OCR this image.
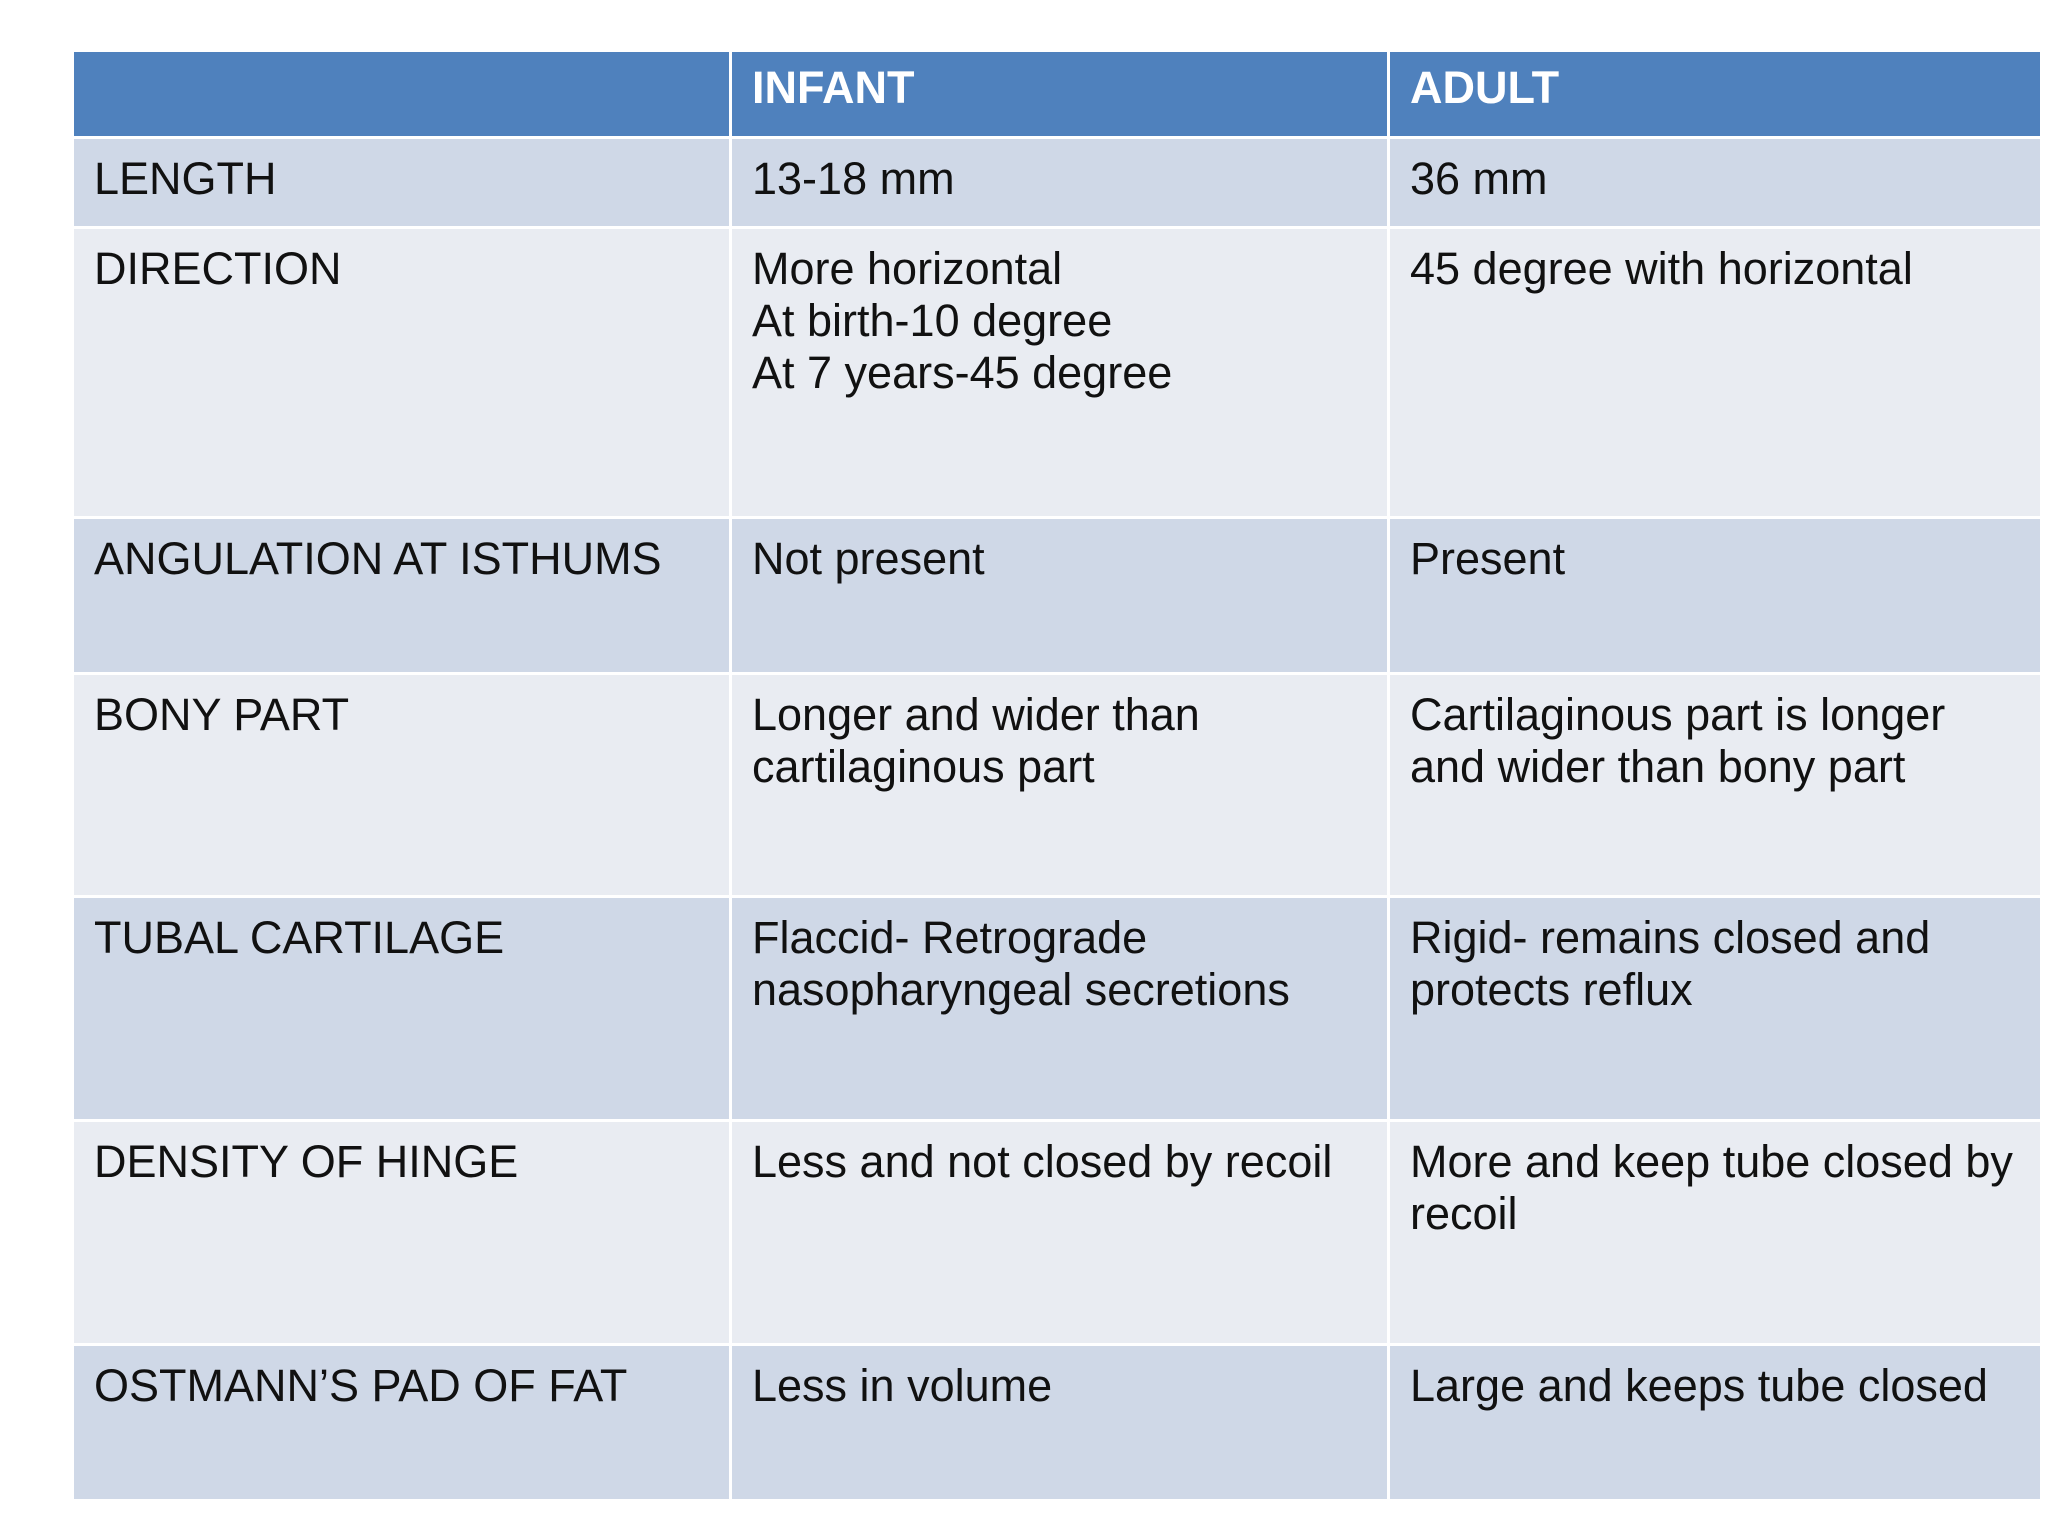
	INFANT	ADULT
LENGTH	13-18 mm	36 mm

DIRECTION	More horizontal
At birth-10 degree
At 7 years-45 degree	45 degree with horizontal

ANGULATION AT ISTHUMS	Not present	Present

BONY PART	Longer and wider than cartilaginous part	Cartilaginous part is longer and wider than bony part

TUBAL CARTILAGE	Flaccid- Retrograde nasopharyngeal secretions	Rigid- remains closed and protects reflux

DENSITY OF HINGE	Less and not closed by recoil	More and keep tube closed by recoil

OSTMANN’S PAD OF FAT	Less in volume	Large and keeps tube closed
